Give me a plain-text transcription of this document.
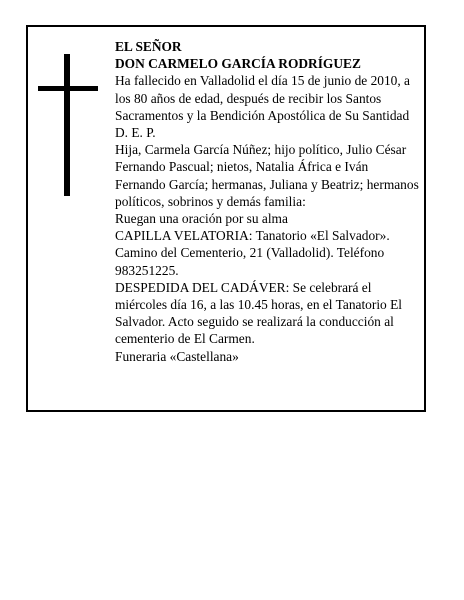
EL SEÑOR
DON CARMELO GARCÍA RODRÍGUEZ

Ha fallecido en Valladolid el día 15 de junio de 2010, a los 80 años de edad, después de recibir los Santos Sacramentos y la Bendición Apostólica de Su Santidad D. E. P.

Hija, Carmela García Núñez; hijo político, Julio César Fernando Pascual; nietos, Natalia África e Iván Fernando García; hermanas, Juliana y Beatriz; hermanos políticos, sobrinos y demás familia:

Ruegan una oración por su alma

CAPILLA VELATORIA: Tanatorio «El Salvador». Camino del Cementerio, 21 (Valladolid). Teléfono 983251225.

DESPEDIDA DEL CADÁVER: Se celebrará el miércoles día 16, a las 10.45 horas, en el Tanatorio El Salvador. Acto seguido se realizará la conducción al cementerio de El Carmen.

Funeraria «Castellana»
